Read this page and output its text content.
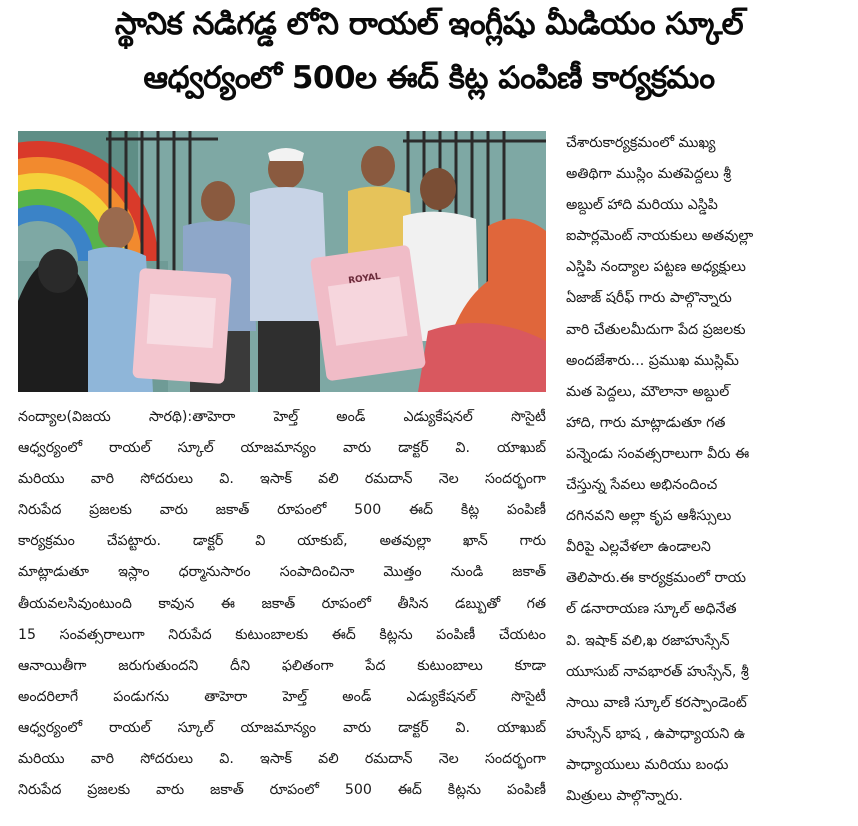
స్థానిక నడిగడ్డ లోని రాయల్ ఇంగ్లీషు మీడియం స్కూల్
ఆధ్వర్యంలో 500ల ఈద్ కిట్ల పంపిణీ కార్యక్రమం
ROYAL
నంద్యాల(విజయ సారథి):తాహెరా హెల్త్ అండ్ ఎడ్యుకేషనల్ సొసైటీ
ఆధ్వర్యంలో రాయల్ స్కూల్ యాజమాన్యం వారు డాక్టర్ వి. యాఖుబ్
మరియు వారి సోదరులు వి. ఇసాక్ వలి రమదాన్ నెల సందర్భంగా
నిరుపేద ప్రజలకు వారు జకాత్ రూపంలో 500 ఈద్ కిట్ల పంపిణీ
కార్యక్రమం చేపట్టారు. డాక్టర్ వి యాకుబ్, అతవుల్లా ఖాన్ గారు
మాట్లాడుతూ ఇస్లాం ధర్మానుసారం సంపాదించినా మొత్తం నుండి జకాత్
తీయవలసివుంటుంది కావున ఈ జకాత్ రూపంలో తీసిన డబ్బుతో గత
15 సంవత్సరాలుగా నిరుపేద కుటుంబాలకు ఈద్ కిట్లను పంపిణీ చేయటం
ఆనాయితీగా జరుగుతుందని దీని ఫలితంగా పేద కుటుంబాలు కూడా
అందరిలాగే పండుగను తాహెరా హెల్త్ అండ్ ఎడ్యుకేషనల్ సొసైటీ
ఆధ్వర్యంలో రాయల్ స్కూల్ యాజమాన్యం వారు డాక్టర్ వి. యాఖుబ్
మరియు వారి సోదరులు వి. ఇసాక్ వలి రమదాన్ నెల సందర్భంగా
నిరుపేద ప్రజలకు వారు జకాత్ రూపంలో 500 ఈద్ కిట్లను పంపిణీ
చేశారుకార్యక్రమంలో ముఖ్య
అతిథిగా ముస్లిం మతపెద్దలు శ్రీ
అబ్దుల్ హాది మరియు ఎస్డిపి
ఐపార్లమెంట్ నాయకులు అతవుల్లా
ఎస్డిపి నంద్యాల పట్టణ అధ్యక్షులు
ఏజాజ్ షరీఫ్ గారు పాల్గొన్నారు
వారి చేతులమీదుగా పేద ప్రజలకు
అందజేశారు... ప్రముఖ ముస్లిమ్
మత పెద్దలు, మౌలానా అబ్దుల్
హాది, గారు మాట్లాడుతూ గత
పన్నెండు సంవత్సరాలుగా వీరు ఈ
చేస్తున్న సేవలు అభినందించ
దగినవని అల్లా కృప ఆశీస్సులు
వీరిపై ఎల్లవేళలా ఉండాలని
తెలిపారు.ఈ కార్యక్రమంలో రాయ
ల్ డనారాయణ స్కూల్ అధినేత
వి. ఇషాక్ వలి,ఖ రజాహుస్సేన్
యూసుబ్ నావభారత్ హుస్సేన్, శ్రీ
సాయి వాణి స్కూల్ కరస్పాండెంట్
హుస్సేన్ భాష , ఉపాధ్యాయని ఉ
పాధ్యాయులు మరియు బంధు
మిత్రులు పాల్గొన్నారు.
